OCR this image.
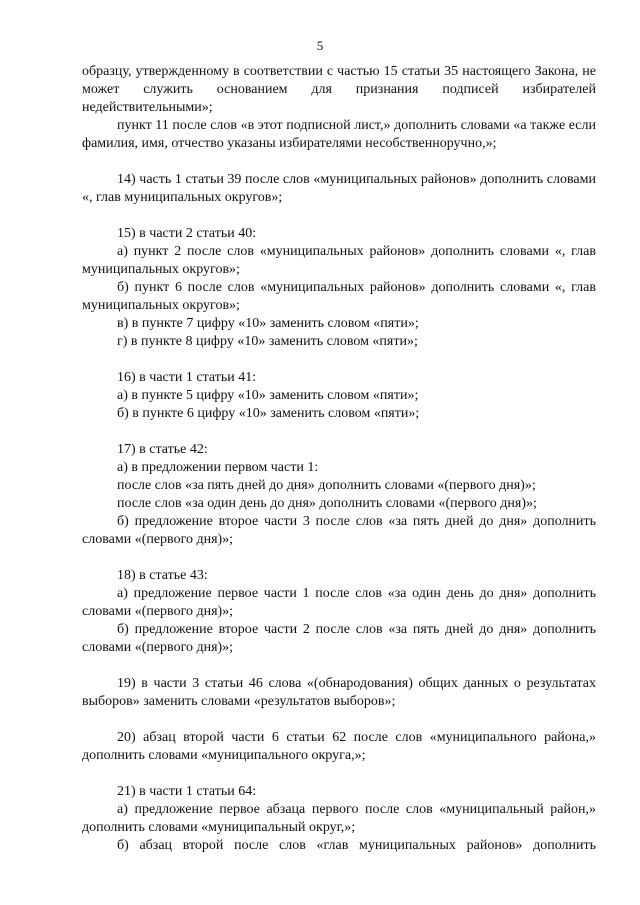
5

образцу, утвержденному в соответствии с частью 15 статьи 35 настоящего Закона, не может служить основанием для признания подписей избирателей недействительными»;

пункт 11 после слов «в этот подписной лист,» дополнить словами «а также если фамилия, имя, отчество указаны избирателями несобственноручно,»;

14) часть 1 статьи 39 после слов «муниципальных районов» дополнить словами «, глав муниципальных округов»;

15) в части 2 статьи 40:

а) пункт 2 после слов «муниципальных районов» дополнить словами «, глав муниципальных округов»;

б) пункт 6 после слов «муниципальных районов» дополнить словами «, глав муниципальных округов»;

в) в пункте 7 цифру «10» заменить словом «пяти»;

г) в пункте 8 цифру «10» заменить словом «пяти»;

16) в части 1 статьи 41:

а) в пункте 5 цифру «10» заменить словом «пяти»;

б) в пункте 6 цифру «10» заменить словом «пяти»;

17) в статье 42:

а) в предложении первом части 1:

после слов «за пять дней до дня» дополнить словами «(первого дня)»;

после слов «за один день до дня» дополнить словами «(первого дня)»;

б) предложение второе части 3 после слов «за пять дней до дня» дополнить словами «(первого дня)»;

18) в статье 43:

а) предложение первое части 1 после слов «за один день до дня» дополнить словами «(первого дня)»;

б) предложение второе части 2 после слов «за пять дней до дня» дополнить словами «(первого дня)»;

19) в части 3 статьи 46 слова «(обнародования) общих данных о результатах выборов» заменить словами «результатов выборов»;

20) абзац второй части 6 статьи 62 после слов «муниципального района,» дополнить словами «муниципального округа,»;

21) в части 1 статьи 64:

а) предложение первое абзаца первого после слов «муниципальный район,» дополнить словами «муниципальный округ,»;

б) абзац второй после слов «глав муниципальных районов» дополнить
